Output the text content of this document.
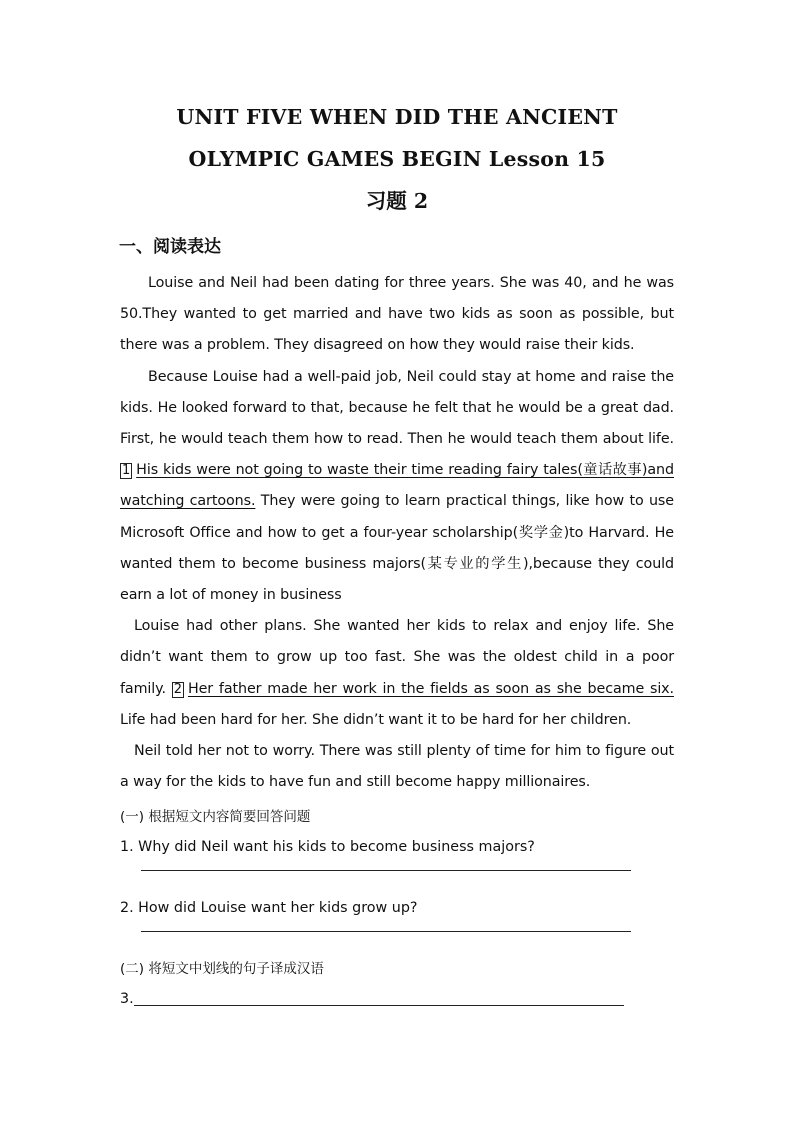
UNIT FIVE WHEN DID THE ANCIENT
OLYMPIC GAMES BEGIN Lesson 15
习题 2
一、阅读表达

Louise and Neil had been dating for three years. She was 40, and he was 50.They wanted to get married and have two kids as soon as possible, but there was a problem. They disagreed on how they would raise their kids.

Because Louise had a well-paid job, Neil could stay at home and raise the kids. He looked forward to that, because he felt that he would be a great dad. First, he would teach them how to read. Then he would teach them about life. 1 His kids were not going to waste their time reading fairy tales(童话故事)and watching cartoons. They were going to learn practical things, like how to use Microsoft Office and how to get a four-year scholarship(奖学金)to Harvard. He wanted them to become business majors(某专业的学生),because they could earn a lot of money in business

Louise had other plans. She wanted her kids to relax and enjoy life. She didn’t want them to grow up too fast. She was the oldest child in a poor family. 2 Her father made her work in the fields as soon as she became six. Life had been hard for her. She didn’t want it to be hard for her children.

Neil told her not to worry. There was still plenty of time for him to figure out a way for the kids to have fun and still become happy millionaires.

(一) 根据短文内容简要回答问题

1. Why did Neil want his kids to become business majors?

2. How did Louise want her kids grow up?

(二) 将短文中划线的句子译成汉语
3.
